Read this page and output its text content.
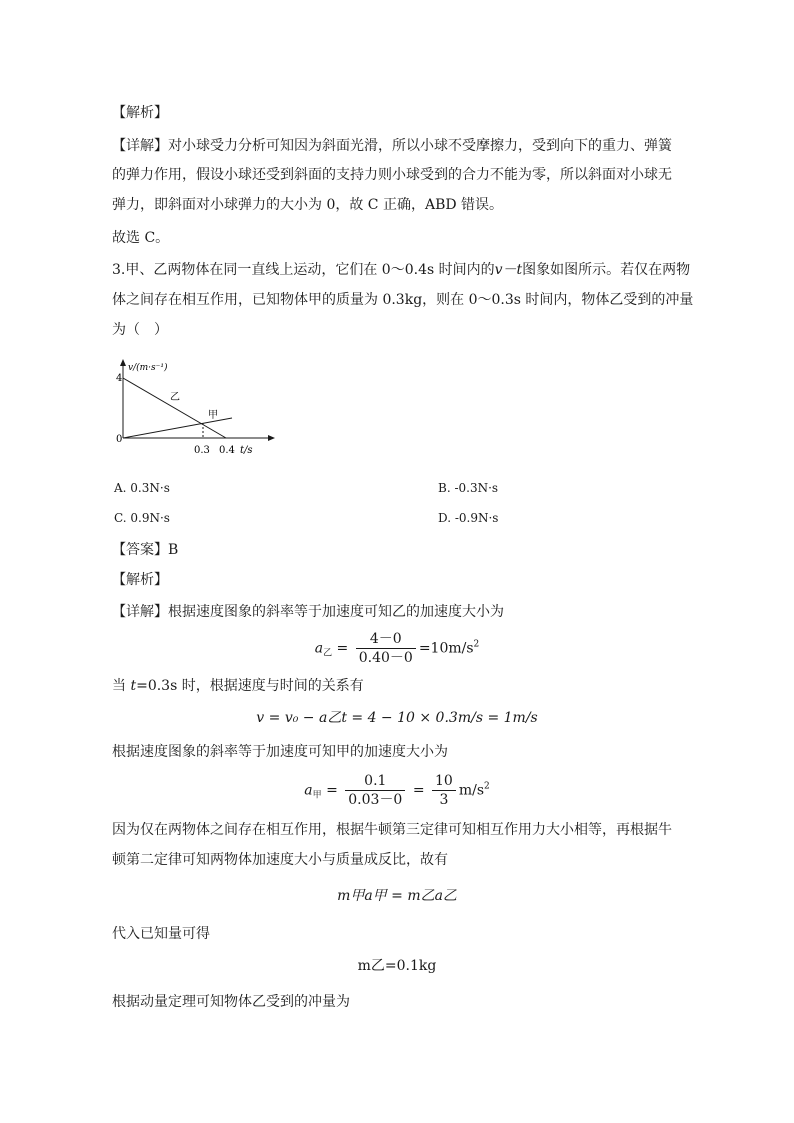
【解析】
【详解】对小球受力分析可知因为斜面光滑，所以小球不受摩擦力，受到向下的重力、弹簧
的弹力作用，假设小球还受到斜面的支持力则小球受到的合力不能为零，所以斜面对小球无
弹力，即斜面对小球弹力的大小为 0，故 C 正确，ABD 错误。
故选 C。
3.甲、乙两物体在同一直线上运动，它们在 0～0.4s 时间内的v－t图象如图所示。若仅在两物
体之间存在相互作用，已知物体甲的质量为 0.3kg，则在 0～0.3s 时间内，物体乙受到的冲量
为（　）
v/(m·s⁻¹)
4
0
0.3 0.4 t/s
乙
甲
A. 0.3N·s	B. -0.3N·s
C. 0.9N·s	D. -0.9N·s
【答案】B
【解析】
【详解】根据速度图象的斜率等于加速度可知乙的加速度大小为
$a_乙 = \frac{4-0}{0.40-0} =10m/s^2$
当 t=0.3s 时，根据速度与时间的关系有
v = v₀ − a乙t = 4 − 10 × 0.3m/s = 1m/s
根据速度图象的斜率等于加速度可知甲的加速度大小为
$a_甲 = \frac{0.1}{0.03-0} = \frac{10}{3} m/s^2$
因为仅在两物体之间存在相互作用，根据牛顿第三定律可知相互作用力大小相等，再根据牛
顿第二定律可知两物体加速度大小与质量成反比，故有
m甲a甲 = m乙a乙
代入已知量可得
m乙=0.1kg
根据动量定理可知物体乙受到的冲量为
